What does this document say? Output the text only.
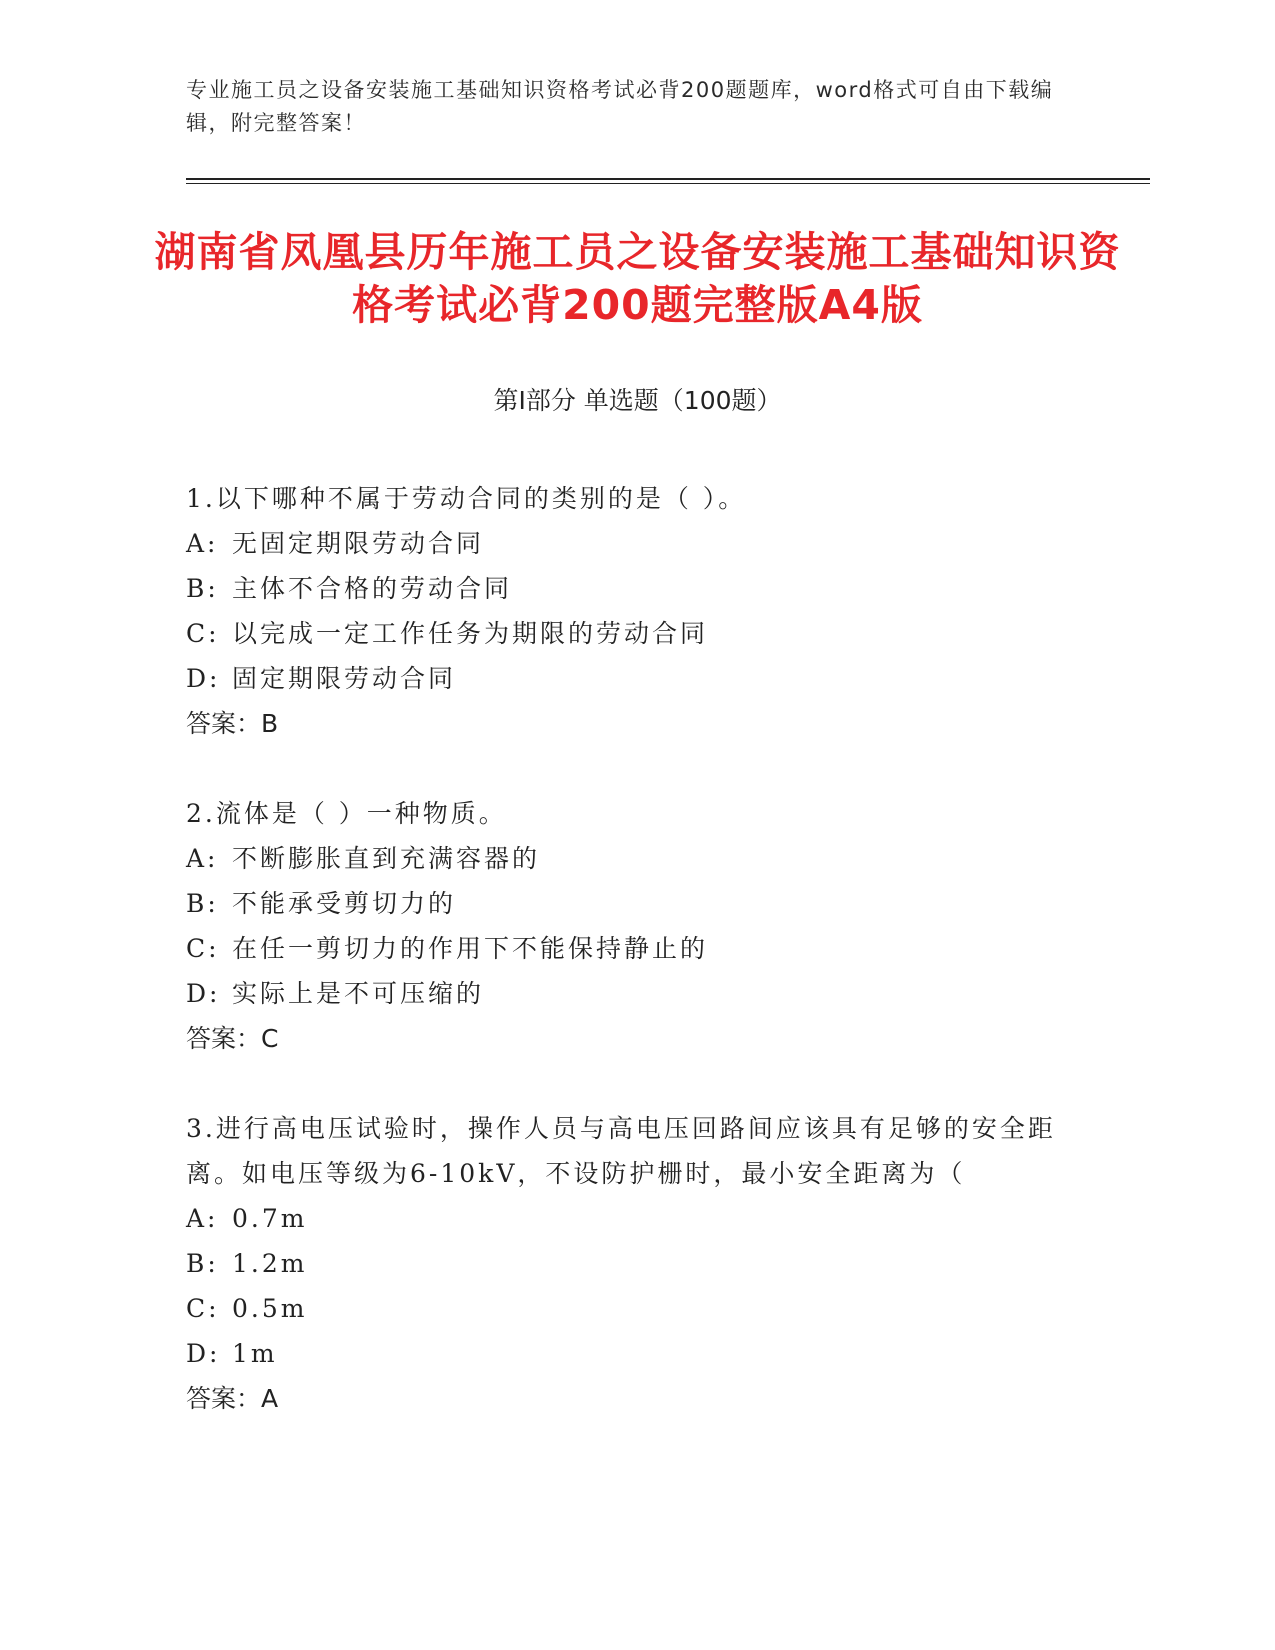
专业施工员之设备安装施工基础知识资格考试必背200题题库，word格式可自由下载编辑，附完整答案！
湖南省凤凰县历年施工员之设备安装施工基础知识资格考试必背200题完整版A4版
第I部分 单选题（100题）

1.以下哪种不属于劳动合同的类别的是（ ）。

A: 无固定期限劳动合同

B: 主体不合格的劳动合同

C: 以完成一定工作任务为期限的劳动合同

D: 固定期限劳动合同

答案：B

2.流体是（ ）一种物质。

A: 不断膨胀直到充满容器的

B: 不能承受剪切力的

C: 在任一剪切力的作用下不能保持静止的

D: 实际上是不可压缩的

答案：C

3.进行高电压试验时，操作人员与高电压回路间应该具有足够的安全距离。如电压等级为6-10kV，不设防护栅时，最小安全距离为（

A: 0.7m

B: 1.2m

C: 0.5m

D: 1m

答案：A
